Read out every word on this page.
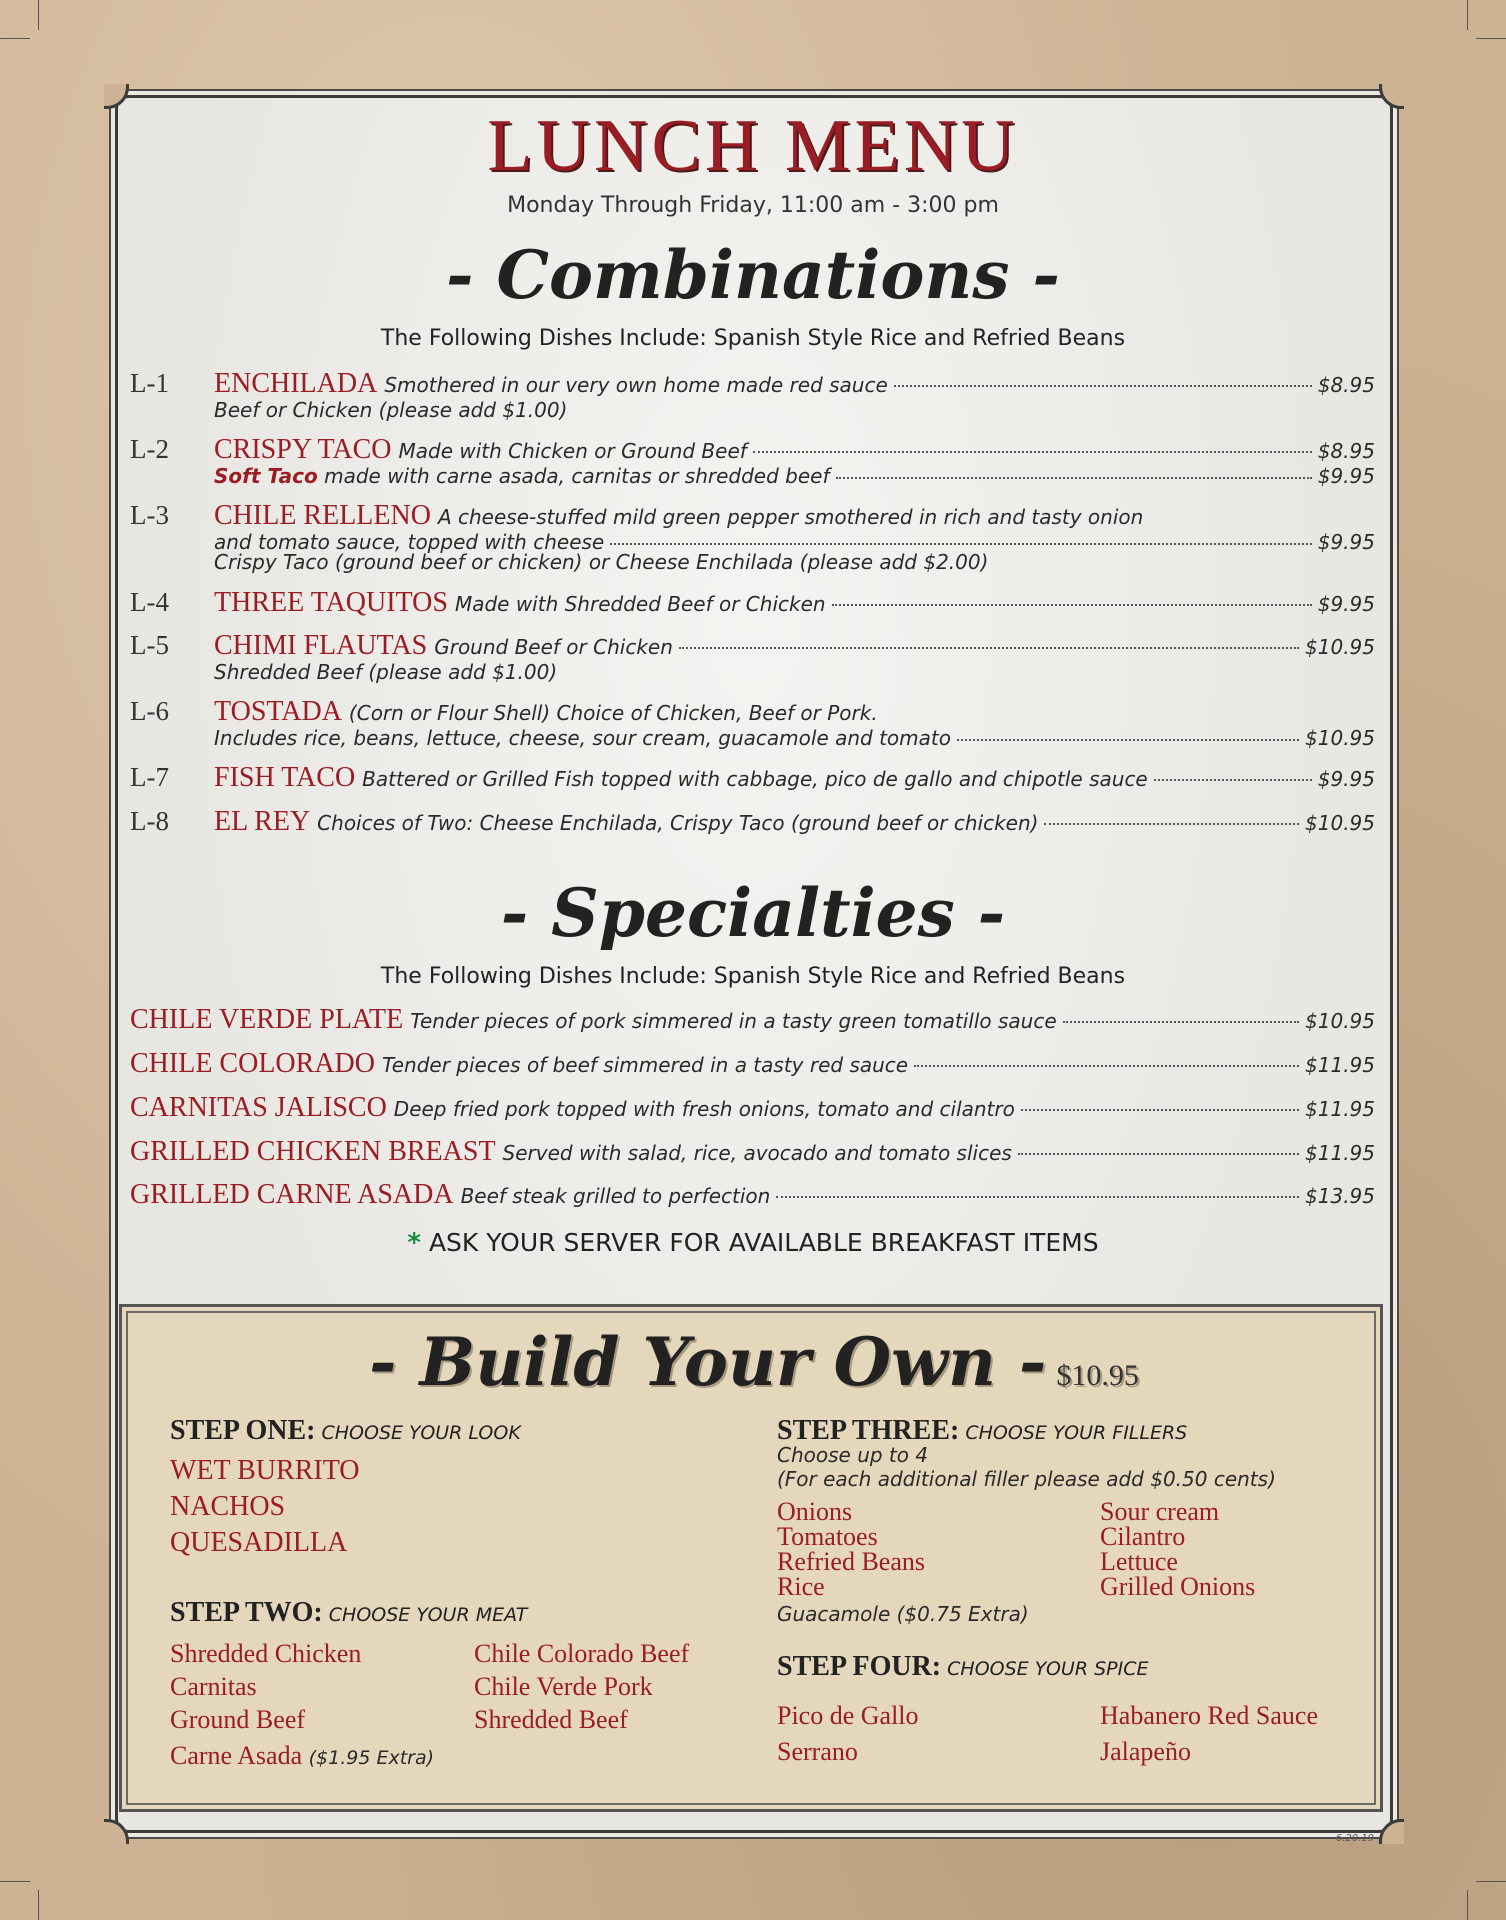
LUNCH MENU
Monday Through Friday, 11:00 am - 3:00 pm
- Combinations -
The Following Dishes Include: Spanish Style Rice and Refried Beans
L-1 ENCHILADA Smothered in our very own home made red sauce	$8.95
Beef or Chicken (please add $1.00)
L-2 CRISPY TACO Made with Chicken or Ground Beef	$8.95
Soft Taco
made with carne asada, carnitas or shredded beef	$9.95
L-3 CHILE RELLENO A cheese-stuffed mild green pepper smothered in rich and tasty onion
and tomato sauce, topped with cheese	$9.95
Crispy Taco (ground beef or chicken) or Cheese Enchilada (please add $2.00)
L-4 THREE TAQUITOS Made with Shredded Beef or Chicken	$9.95
L-5 CHIMI FLAUTAS Ground Beef or Chicken	$10.95
Shredded Beef (please add $1.00)
L-6 TOSTADA (Corn or Flour Shell) Choice of Chicken, Beef or Pork.
Includes rice, beans, lettuce, cheese, sour cream, guacamole and tomato	$10.95
L-7 FISH TACO Battered or Grilled Fish topped with cabbage, pico de gallo and chipotle sauce	$9.95
L-8 EL REY Choices of Two: Cheese Enchilada, Crispy Taco (ground beef or chicken)	$10.95
- Specialties -
The Following Dishes Include: Spanish Style Rice and Refried Beans
CHILE VERDE PLATE Tender pieces of pork simmered in a tasty green tomatillo sauce	$10.95
CHILE COLORADO Tender pieces of beef simmered in a tasty red sauce	$11.95
CARNITAS JALISCO Deep fried pork topped with fresh onions, tomato and cilantro	$11.95
GRILLED CHICKEN BREAST Served with salad, rice, avocado and tomato slices	$11.95
GRILLED CARNE ASADA Beef steak grilled to perfection	$13.95
* ASK YOUR SERVER FOR AVAILABLE BREAKFAST ITEMS
- Build Your Own - $10.95
STEP ONE: CHOOSE YOUR LOOK
WET BURRITO
NACHOS
QUESADILLA
STEP TWO: CHOOSE YOUR MEAT
Shredded Chicken
Carnitas
Ground Beef
Carne Asada ($1.95 Extra)
Chile Colorado Beef
Chile Verde Pork
Shredded Beef
STEP THREE: CHOOSE YOUR FILLERS
Choose up to 4
(For each additional filler please add $0.50 cents)
Onions
Tomatoes
Refried Beans
Rice
Sour cream
Cilantro
Lettuce
Grilled Onions
Guacamole ($0.75 Extra)
STEP FOUR: CHOOSE YOUR SPICE
Pico de Gallo
Serrano
Habanero Red Sauce
Jalapeño
6.20.19
